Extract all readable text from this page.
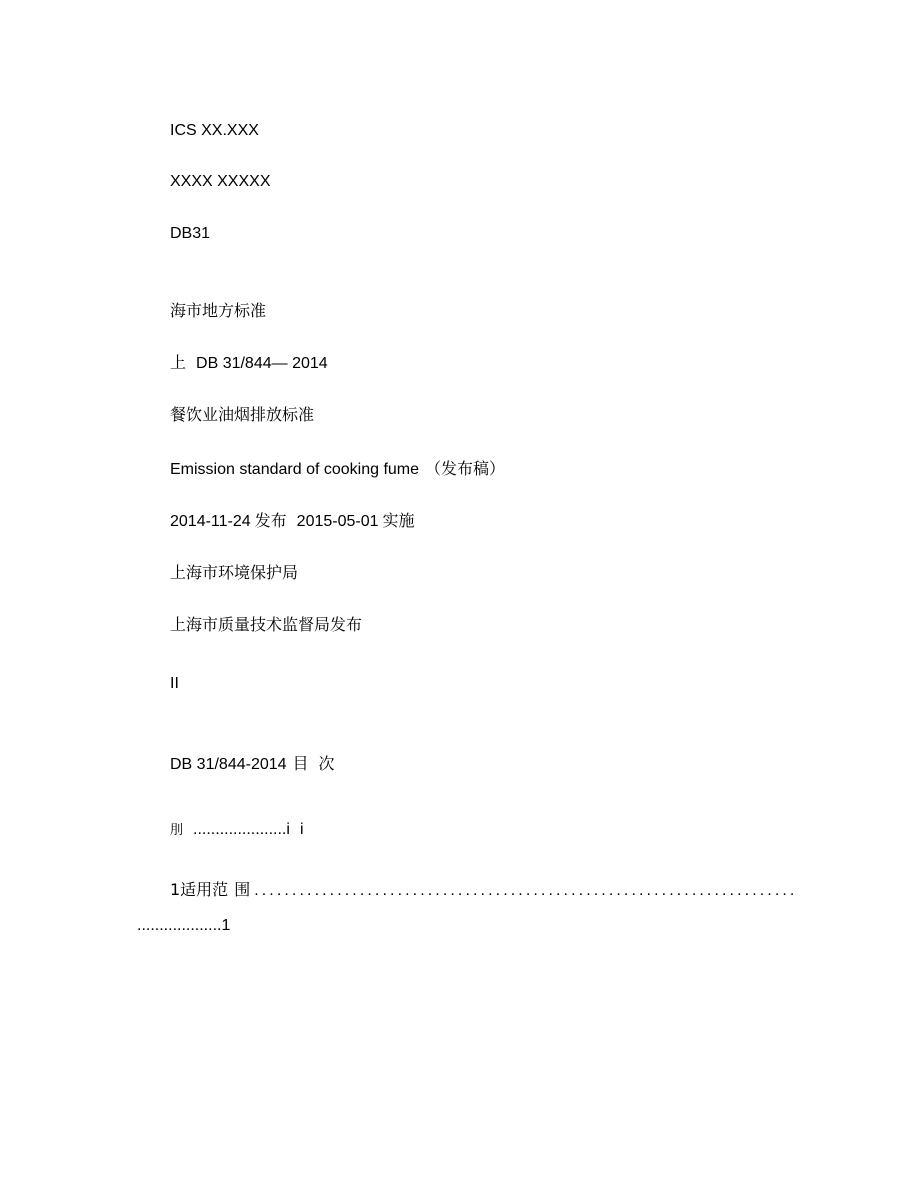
ICS XX.XXX
XXXX XXXXX
DB31
海市地方标准
上 DB 31/844— 2014
餐饮业油烟排放标准
Emission standard of cooking fume （发布稿）
2014-11-24 发布 2015-05-01 实施
上海市环境保护局
上海市质量技术监督局发布
II
DB 31/844-2014 目 次
刖 .....................i i
1适用范 围 ........................................................................
...................1
